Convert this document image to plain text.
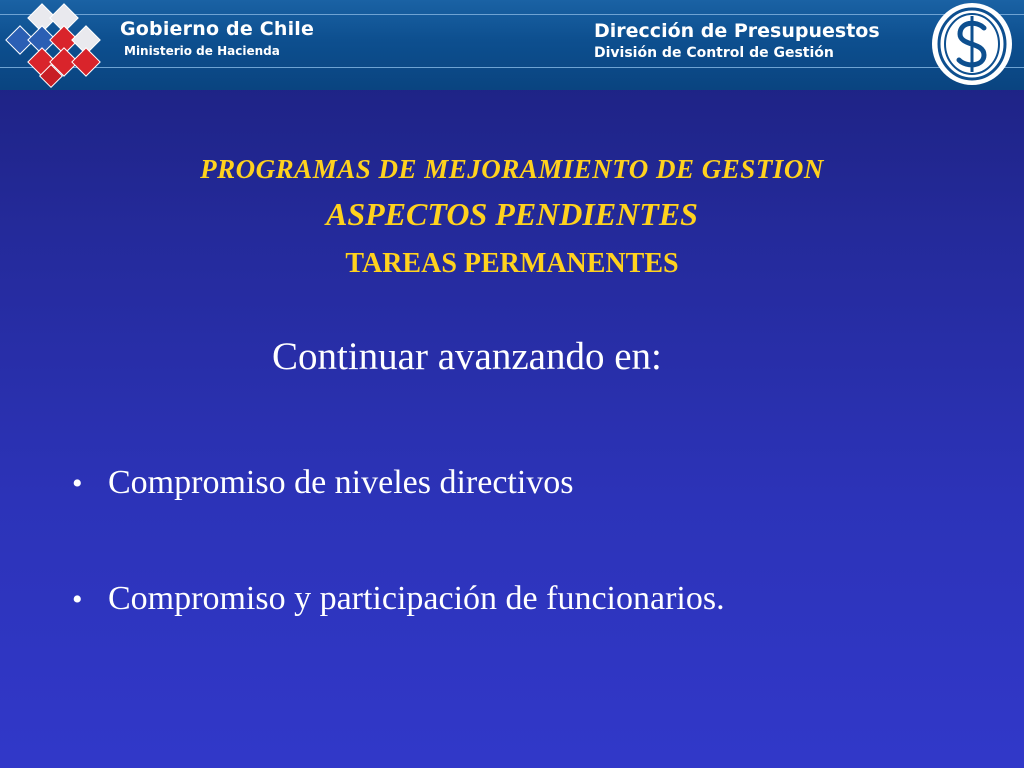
Gobierno de Chile
Ministerio de Hacienda
Dirección de Presupuestos
División de Control de Gestión
PROGRAMAS DE MEJORAMIENTO DE GESTION
ASPECTOS PENDIENTES
TAREAS PERMANENTES
Continuar avanzando en:
• Compromiso de niveles directivos
• Compromiso y participación de funcionarios.
